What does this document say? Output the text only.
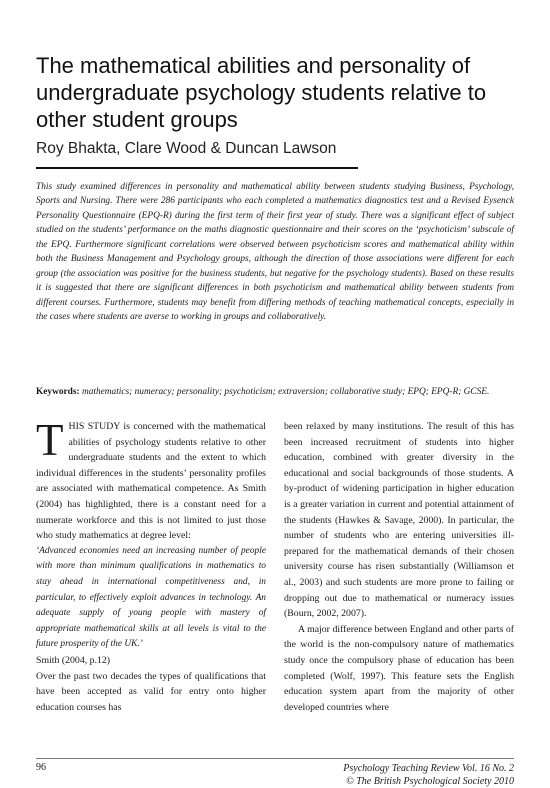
The mathematical abilities and personality of undergraduate psychology students relative to other student groups
Roy Bhakta, Clare Wood & Duncan Lawson
This study examined differences in personality and mathematical ability between students studying Business, Psychology, Sports and Nursing. There were 286 participants who each completed a mathematics diagnostics test and a Revised Eysenck Personality Questionnaire (EPQ-R) during the first term of their first year of study. There was a significant effect of subject studied on the students’ performance on the maths diagnostic questionnaire and their scores on the ‘psychoticism’ subscale of the EPQ. Furthermore significant correlations were observed between psychoticism scores and mathematical ability within both the Business Management and Psychology groups, although the direction of those associations were different for each group (the association was positive for the business students, but negative for the psychology students). Based on these results it is suggested that there are significant differences in both psychoticism and mathematical ability between students from different courses. Furthermore, students may benefit from differing methods of teaching mathematical concepts, especially in the cases where students are averse to working in groups and collaboratively.
Keywords: mathematics; numeracy; personality; psychoticism; extraversion; collaborative study; EPQ; EPQ-R; GCSE.

THIS STUDY is concerned with the mathematical abilities of psychology students relative to other undergraduate students and the extent to which individual differences in the students’ personality profiles are associated with mathematical competence. As Smith (2004) has highlighted, there is a constant need for a numerate workforce and this is not limited to just those who study mathematics at degree level:

‘Advanced economies need an increasing number of people with more than minimum qualifications in mathematics to stay ahead in international competitiveness and, in particular, to effectively exploit advances in technology. An adequate supply of young people with mastery of appropriate mathematical skills at all levels is vital to the future prosperity of the UK.’

Smith (2004, p.12)

Over the past two decades the types of qualifications that have been accepted as valid for entry onto higher education courses has

been relaxed by many institutions. The result of this has been increased recruitment of students into higher education, combined with greater diversity in the educational and social backgrounds of those students. A by-product of widening participation in higher education is a greater variation in current and potential attainment of the students (Hawkes & Savage, 2000). In particular, the number of students who are entering universities ill-prepared for the mathematical demands of their chosen university course has risen substantially (Williamson et al., 2003) and such students are more prone to failing or dropping out due to mathematical or numeracy issues (Bourn, 2002, 2007).

A major difference between England and other parts of the world is the non-compulsory nature of mathematics study once the compulsory phase of education has been completed (Wolf, 1997). This feature sets the English education system apart from the majority of other developed countries where

96	Psychology Teaching Review Vol. 16 No. 2
© The British Psychological Society 2010
